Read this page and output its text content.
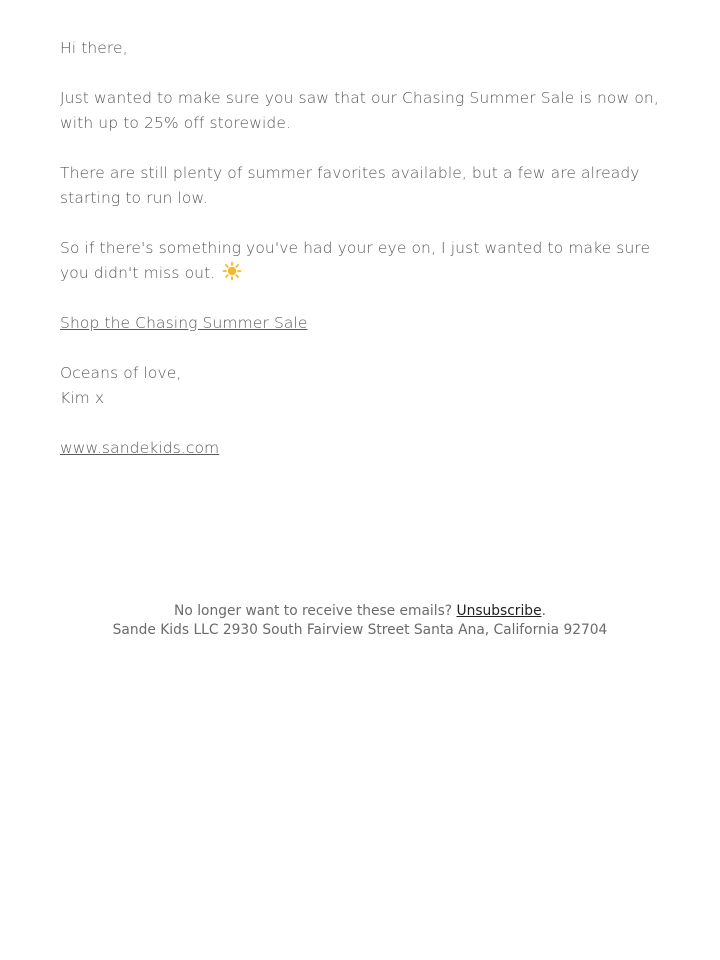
Hi there,

Just wanted to make sure you saw that our Chasing Summer Sale is now on, with up to 25% off storewide.

There are still plenty of summer favorites available, but a few are already starting to run low.

So if there's something you've had your eye on, I just wanted to make sure you didn't miss out.

Shop the Chasing Summer Sale

Oceans of love,
Kim x

www.sandekids.com

No longer want to receive these emails? Unsubscribe.
Sande Kids LLC 2930 South Fairview Street Santa Ana, California 92704
